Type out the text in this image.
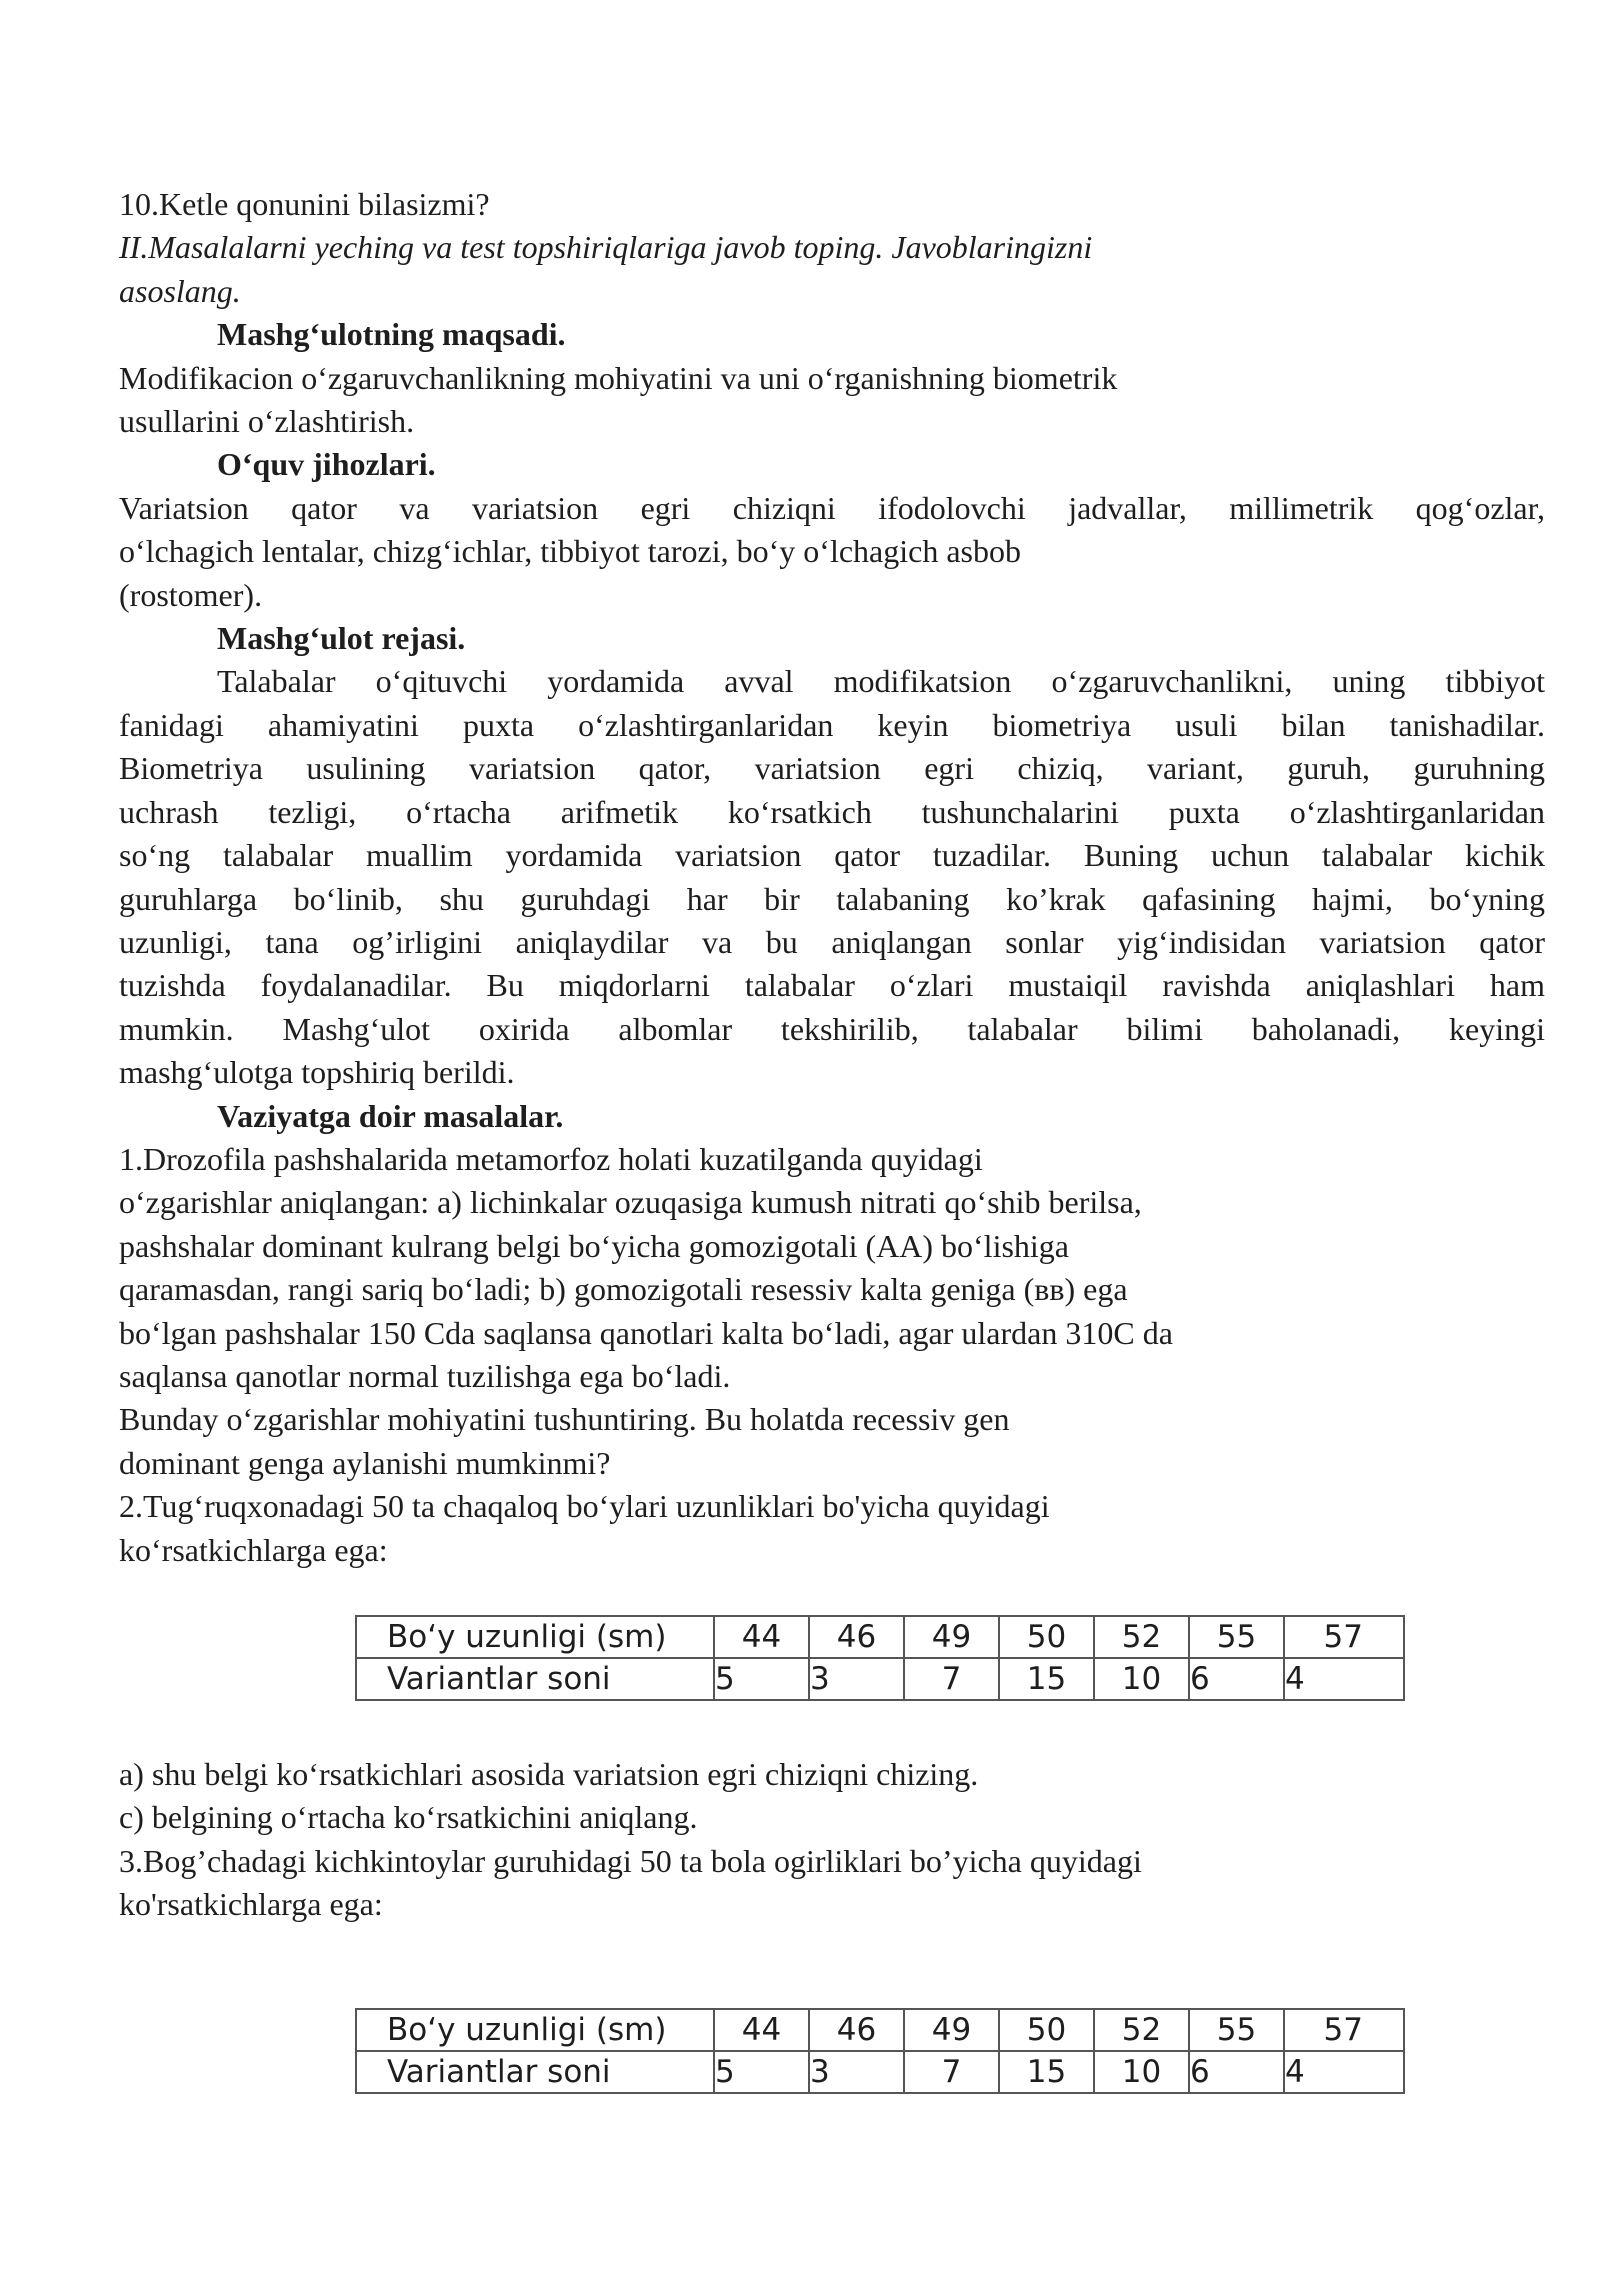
10.Ketle qonunini bilasizmi?
II.Masalalarni yeching va test topshiriqlariga javob toping. Javoblaringizni
asoslang.
Mashg‘ulotning maqsadi.
Modifikacion o‘zgaruvchanlikning mohiyatini va uni o‘rganishning biometrik
usullarini o‘zlashtirish.
O‘quv jihozlari.
Variatsion qator va variatsion egri chiziqni ifodolovchi jadvallar, millimetrik qog‘ozlar,
o‘lchagich lentalar, chizg‘ichlar, tibbiyot tarozi, bo‘y o‘lchagich asbob
(rostomer).
Mashg‘ulot rejasi.
Talabalar o‘qituvchi yordamida avval modifikatsion o‘zgaruvchanlikni, uning tibbiyot
fanidagi ahamiyatini puxta o‘zlashtirganlaridan keyin biometriya usuli bilan tanishadilar.
Biometriya usulining variatsion qator, variatsion egri chiziq, variant, guruh, guruhning
uchrash tezligi, o‘rtacha arifmetik ko‘rsatkich tushunchalarini puxta o‘zlashtirganlaridan
so‘ng talabalar muallim yordamida variatsion qator tuzadilar. Buning uchun talabalar kichik
guruhlarga bo‘linib, shu guruhdagi har bir talabaning ko’krak qafasining hajmi, bo‘yning
uzunligi, tana og’irligini aniqlaydilar va bu aniqlangan sonlar yig‘indisidan variatsion qator
tuzishda foydalanadilar. Bu miqdorlarni talabalar o‘zlari mustaiqil ravishda aniqlashlari ham
mumkin. Mashg‘ulot oxirida albomlar tekshirilib, talabalar bilimi baholanadi, keyingi
mashg‘ulotga topshiriq berildi.
Vaziyatga doir masalalar.
1.Drozofila pashshalarida metamorfoz holati kuzatilganda quyidagi
o‘zgarishlar aniqlangan: a) lichinkalar ozuqasiga kumush nitrati qo‘shib berilsa,
pashshalar dominant kulrang belgi bo‘yicha gomozigotali (AA) bo‘lishiga
qaramasdan, rangi sariq bo‘ladi; b) gomozigotali resessiv kalta geniga (вв) ega
bo‘lgan pashshalar 150 Cda saqlansa qanotlari kalta bo‘ladi, agar ulardan 310C da
saqlansa qanotlar normal tuzilishga ega bo‘ladi.
Bunday o‘zgarishlar mohiyatini tushuntiring. Bu holatda recessiv gen
dominant genga aylanishi mumkinmi?
2.Tug‘ruqxonadagi 50 ta chaqaloq bo‘ylari uzunliklari bo'yicha quyidagi
ko‘rsatkichlarga ega:
Bo‘y uzunligi (sm)	44	46	49	50	52	55	57
Variantlar soni	5	3	7	15	10	6	4
a) shu belgi ko‘rsatkichlari asosida variatsion egri chiziqni chizing.
c) belgining o‘rtacha ko‘rsatkichini aniqlang.
3.Bog’chadagi kichkintoylar guruhidagi 50 ta bola ogirliklari bo’yicha quyidagi
ko'rsatkichlarga ega:
Bo‘y uzunligi (sm)	44	46	49	50	52	55	57
Variantlar soni	5	3	7	15	10	6	4
